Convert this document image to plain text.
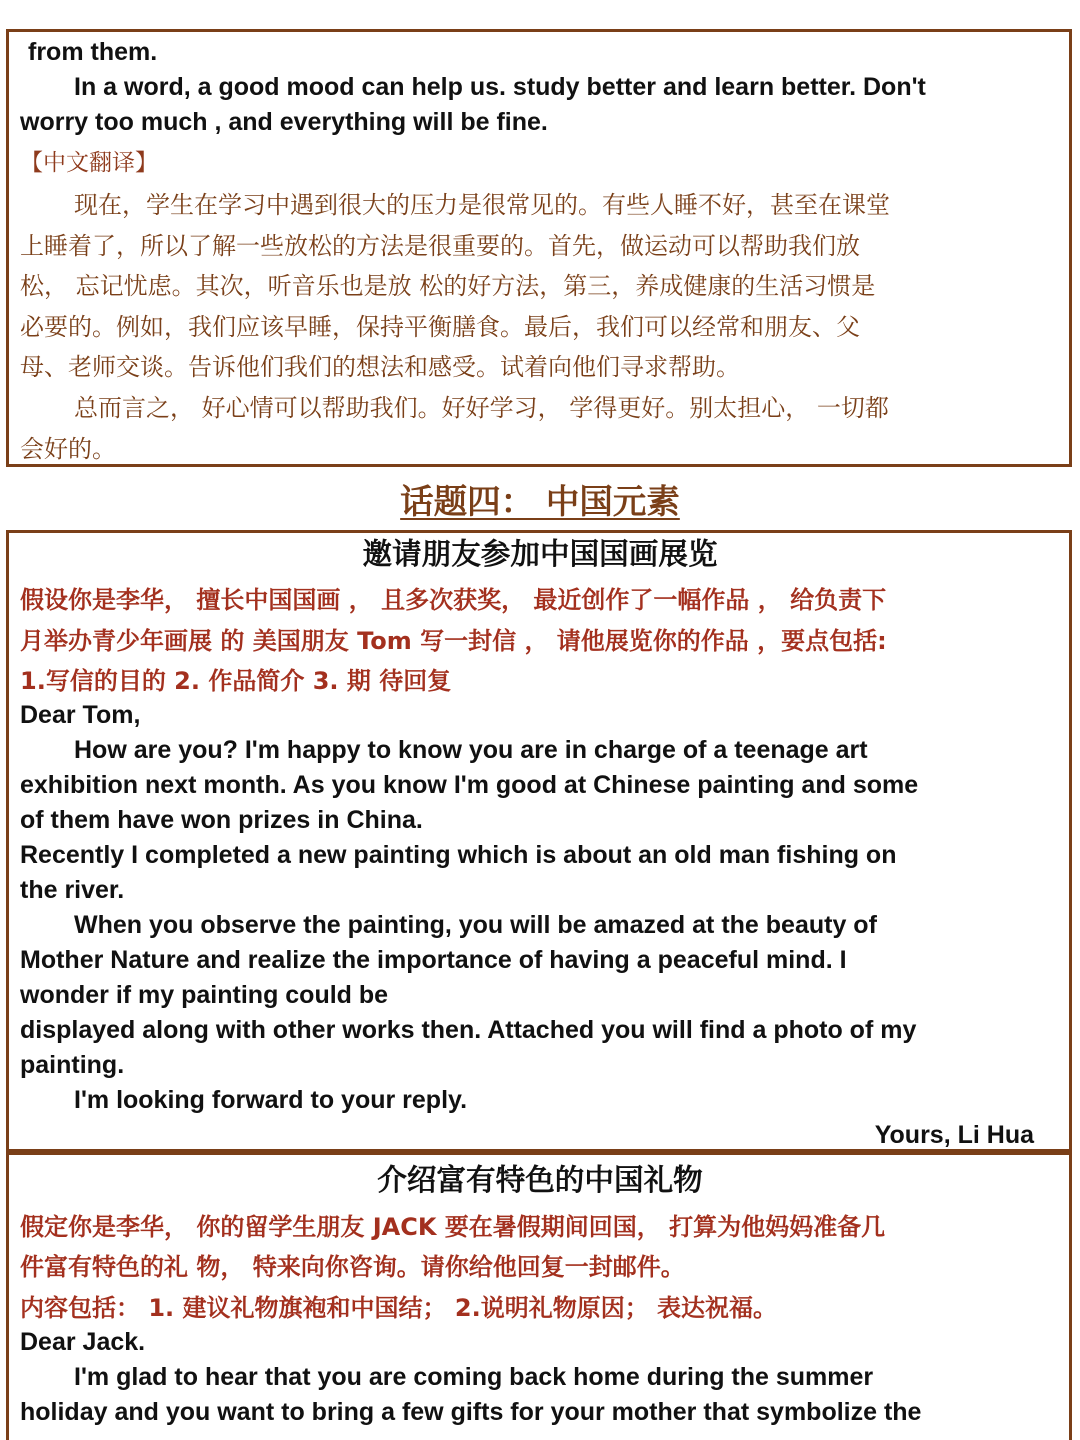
from them.

In a word, a good mood can help us. study better and learn better. Don't

worry too much , and everything will be fine.

【中文翻译】

现在，学生在学习中遇到很大的压力是很常见的。有些人睡不好，甚至在课堂

上睡着了，所以了解一些放松的方法是很重要的。首先，做运动可以帮助我们放

松， 忘记忧虑。其次，听音乐也是放 松的好方法，第三，养成健康的生活习惯是

必要的。例如，我们应该早睡，保持平衡膳食。最后，我们可以经常和朋友、父

母、老师交谈。告诉他们我们的想法和感受。试着向他们寻求帮助。

总而言之， 好心情可以帮助我们。好好学习， 学得更好。别太担心， 一切都

会好的。

话题四： 中国元素

邀请朋友参加中国国画展览

假设你是李华， 擅长中国国画 ， 且多次获奖， 最近创作了一幅作品 ， 给负责下

月举办青少年画展 的 美国朋友 Tom 写一封信 ， 请他展览你的作品 ，要点包括:

1.写信的目的 2. 作品简介 3. 期 待回复

Dear Tom,

How are you? I'm happy to know you are in charge of a teenage art

exhibition next month. As you know I'm good at Chinese painting and some

of them have won prizes in China.

Recently I completed a new painting which is about an old man fishing on

the river.

When you observe the painting, you will be amazed at the beauty of

Mother Nature and realize the importance of having a peaceful mind. I

wonder if my painting could be

displayed along with other works then. Attached you will find a photo of my

painting.

I'm looking forward to your reply.

Yours, Li Hua

介绍富有特色的中国礼物

假定你是李华， 你的留学生朋友 JACK 要在暑假期间回国， 打算为他妈妈准备几

件富有特色的礼 物， 特来向你咨询。请你给他回复一封邮件。

内容包括： 1. 建议礼物旗袍和中国结； 2.说明礼物原因； 表达祝福。

Dear Jack.

I'm glad to hear that you are coming back home during the summer

holiday and you want to bring a few gifts for your mother that symbolize the
